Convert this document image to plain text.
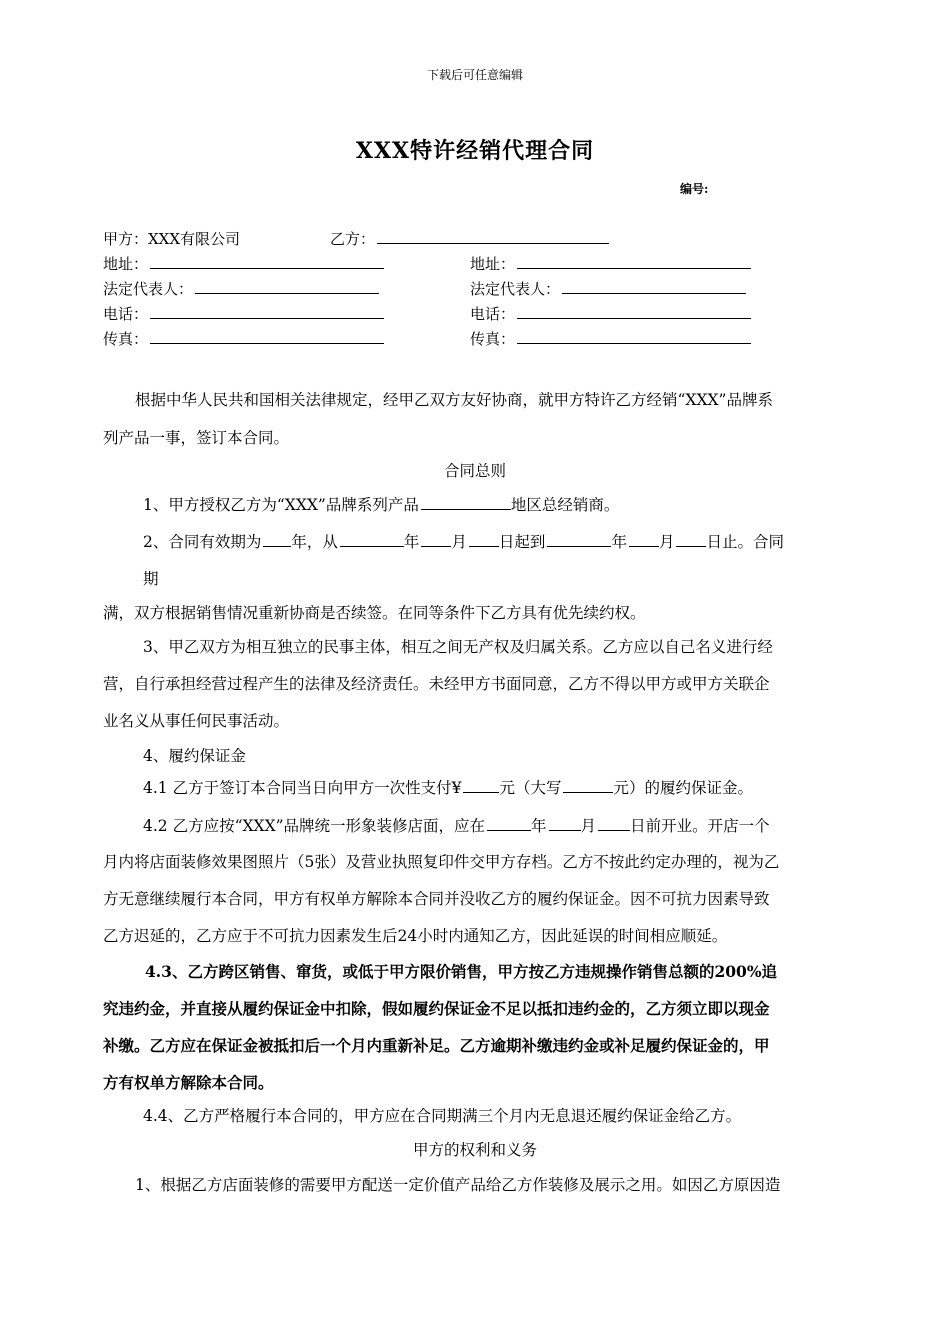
下载后可任意编辑
XXX特许经销代理合同
编号:
甲方：XXX有限公司	乙方：
地址：	地址：
法定代表人：	法定代表人：
电话：	电话：
传真：	传真：
根据中华人民共和国相关法律规定，经甲乙双方友好协商，就甲方特许乙方经销“XXX”品牌系
列产品一事，签订本合同。
合同总则
1、甲方授权乙方为“XXX”品牌系列产品	地区总经销商。
2、合同有效期为 年，从	年 月 日起到	年 月 日止。合同
期
满，双方根据销售情况重新协商是否续签。在同等条件下乙方具有优先续约权。
3、甲乙双方为相互独立的民事主体，相互之间无产权及归属关系。乙方应以自己名义进行经
营，自行承担经营过程产生的法律及经济责任。未经甲方书面同意，乙方不得以甲方或甲方关联企
业名义从事任何民事活动。
4、履约保证金
4.1 乙方于签订本合同当日向甲方一次性支付¥ 元（大写	元）的履约保证金。
4.2 乙方应按“XXX”品牌统一形象装修店面，应在	年 月 日前开业。开店一个
月内将店面装修效果图照片（5张）及营业执照复印件交甲方存档。乙方不按此约定办理的，视为乙
方无意继续履行本合同，甲方有权单方解除本合同并没收乙方的履约保证金。因不可抗力因素导致
乙方迟延的，乙方应于不可抗力因素发生后24小时内通知乙方，因此延误的时间相应顺延。
4.3、乙方跨区销售、窜货，或低于甲方限价销售，甲方按乙方违规操作销售总额的200%追
究违约金，并直接从履约保证金中扣除，假如履约保证金不足以抵扣违约金的，乙方须立即以现金
补缴。乙方应在保证金被抵扣后一个月内重新补足。乙方逾期补缴违约金或补足履约保证金的，甲
方有权单方解除本合同。
4.4、乙方严格履行本合同的，甲方应在合同期满三个月内无息退还履约保证金给乙方。
甲方的权利和义务
1、根据乙方店面装修的需要甲方配送一定价值产品给乙方作装修及展示之用。如因乙方原因造
